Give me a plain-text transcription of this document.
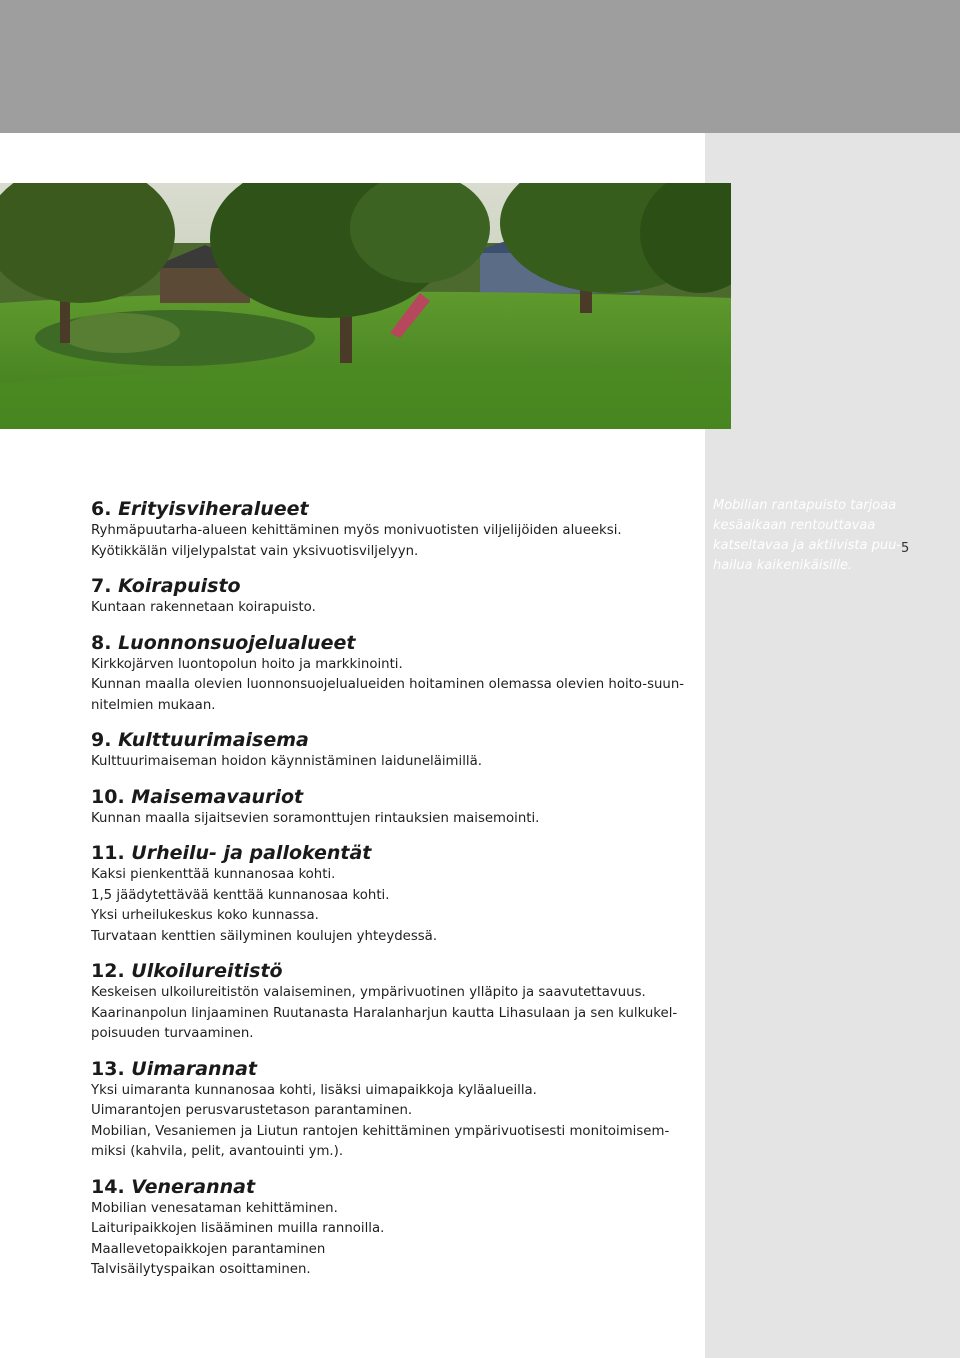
Mobilian rantapuisto tarjoaa
kesäaikaan rentouttavaa
katseltavaa ja aktiivista puu-
hailua kaikenikäisille.
5
6. Erityisviheralueet

Ryhmäpuutarha-alueen kehittäminen myös monivuotisten viljelijöiden alueeksi.

Kyötikkälän viljelypalstat vain yksivuotisviljelyyn.

7. Koirapuisto

Kuntaan rakennetaan koirapuisto.

8. Luonnonsuojelualueet

Kirkkojärven luontopolun hoito ja markkinointi.

Kunnan maalla olevien luonnonsuojelualueiden hoitaminen olemassa olevien hoito-suun-

nitelmien mukaan.

9. Kulttuurimaisema

Kulttuurimaiseman hoidon käynnistäminen laiduneläimillä.

10. Maisemavauriot

Kunnan maalla sijaitsevien soramonttujen rintauksien maisemointi.

11. Urheilu- ja pallokentät

Kaksi pienkenttää kunnanosaa kohti.

1,5 jäädytettävää kenttää kunnanosaa kohti.

Yksi urheilukeskus koko kunnassa.

Turvataan kenttien säilyminen koulujen yhteydessä.

12. Ulkoilureitistö

Keskeisen ulkoilureitistön valaiseminen, ympärivuotinen ylläpito ja saavutettavuus.

Kaarinanpolun linjaaminen Ruutanasta Haralanharjun kautta Lihasulaan ja sen kulkukel-

poisuuden turvaaminen.

13. Uimarannat

Yksi uimaranta kunnanosaa kohti, lisäksi uimapaikkoja kyläalueilla.

Uimarantojen perusvarustetason parantaminen.

Mobilian, Vesaniemen ja Liutun rantojen kehittäminen ympärivuotisesti monitoimisem-

miksi (kahvila, pelit, avantouinti ym.).

14. Venerannat

Mobilian venesataman kehittäminen.

Laituripaikkojen lisääminen muilla rannoilla.

Maallevetopaikkojen parantaminen

Talvisäilytyspaikan osoittaminen.
